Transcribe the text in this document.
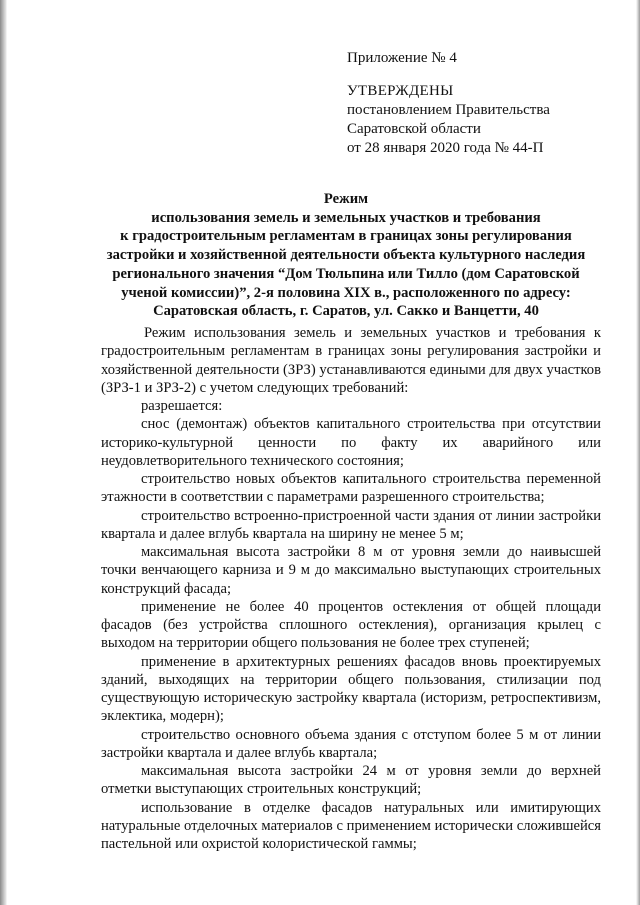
Приложение № 4
УТВЕРЖДЕНЫ
постановлением Правительства
Саратовской области
от 28 января 2020 года № 44-П
Режим
использования земель и земельных участков и требования
к градостроительным регламентам в границах зоны регулирования
застройки и хозяйственной деятельности объекта культурного наследия
регионального значения “Дом Тюльпина или Тилло (дом Саратовской
ученой комиссии)”, 2-я половина XIX в., расположенного по адресу:
Саратовская область, г. Саратов, ул. Сакко и Ванцетти, 40

Режим использования земель и земельных участков и требования к градостроительным регламентам в границах зоны регулирования застройки и хозяйственной деятельности (ЗРЗ) устанавливаются едиными для двух участков (ЗРЗ-1 и ЗРЗ-2) с учетом следующих требований:

разрешается:

снос (демонтаж) объектов капитального строительства при отсутствии историко-культурной ценности по факту их аварийного или неудовлетворительного технического состояния;

строительство новых объектов капитального строительства переменной этажности в соответствии с параметрами разрешенного строительства;

строительство встроенно-пристроенной части здания от линии застройки квартала и далее вглубь квартала на ширину не менее 5 м;

максимальная высота застройки 8 м от уровня земли до наивысшей точки венчающего карниза и 9 м до максимально выступающих строительных конструкций фасада;

применение не более 40 процентов остекления от общей площади фасадов (без устройства сплошного остекления), организация крылец с выходом на территории общего пользования не более трех ступеней;

применение в архитектурных решениях фасадов вновь проектируемых зданий, выходящих на территории общего пользования, стилизации под существующую историческую застройку квартала (историзм, ретроспективизм, эклектика, модерн);

строительство основного объема здания с отступом более 5 м от линии застройки квартала и далее вглубь квартала;

максимальная высота застройки 24 м от уровня земли до верхней отметки выступающих строительных конструкций;

использование в отделке фасадов натуральных или имитирующих натуральные отделочных материалов с применением исторически сложившейся пастельной или охристой колористической гаммы;
